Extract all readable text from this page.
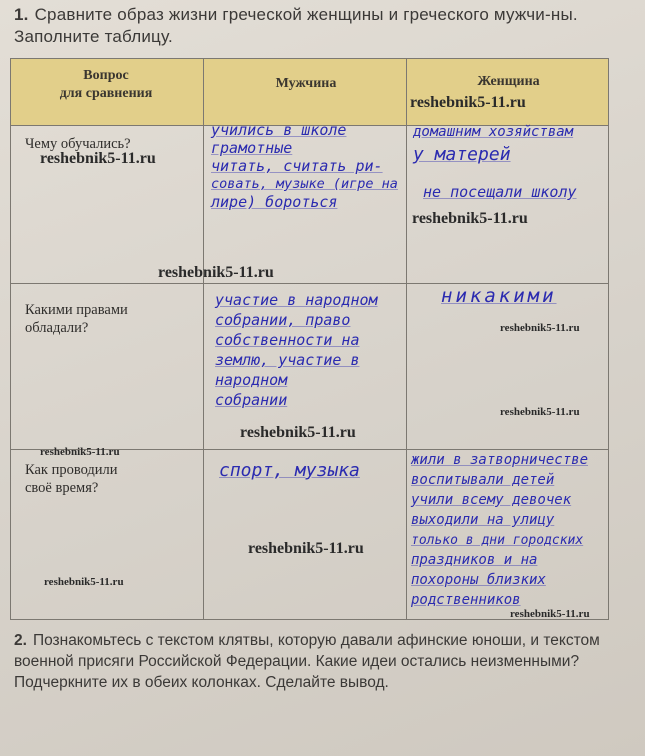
1. Сравните образ жизни греческой женщины и греческого мужчи-ны. Заполните таблицу.
Вопрос
для сравнения
Мужчина	Женщина
Чему обучались?
учились в школе
грамотные
читать, считать ри-
совать, музыке (игре на
лире) бороться
домашним хозяйствам
у матерей
не посещали школу
Какими правами
обладали?
участие в народном
собрании, право
собственности на
землю, участие в
народном
собрании
никакими
Как проводили
своё время?
спорт, музыка	жили в затворничестве
воспитывали детей
учили всему девочек
выходили на улицу
только в дни городских
праздников и на
похороны близких
родственников
reshebnik5-11.ru
reshebnik5-11.ru
reshebnik5-11.ru
reshebnik5-11.ru
reshebnik5-11.ru
reshebnik5-11.ru
reshebnik5-11.ru
reshebnik5-11.ru
reshebnik5-11.ru
reshebnik5-11.ru
reshebnik5-11.ru
2. Познакомьтесь с текстом клятвы, которую давали афинские юноши, и текстом военной присяги Российской Федерации. Какие идеи остались неизменными? Подчеркните их в обеих колонках. Сделайте вывод.
